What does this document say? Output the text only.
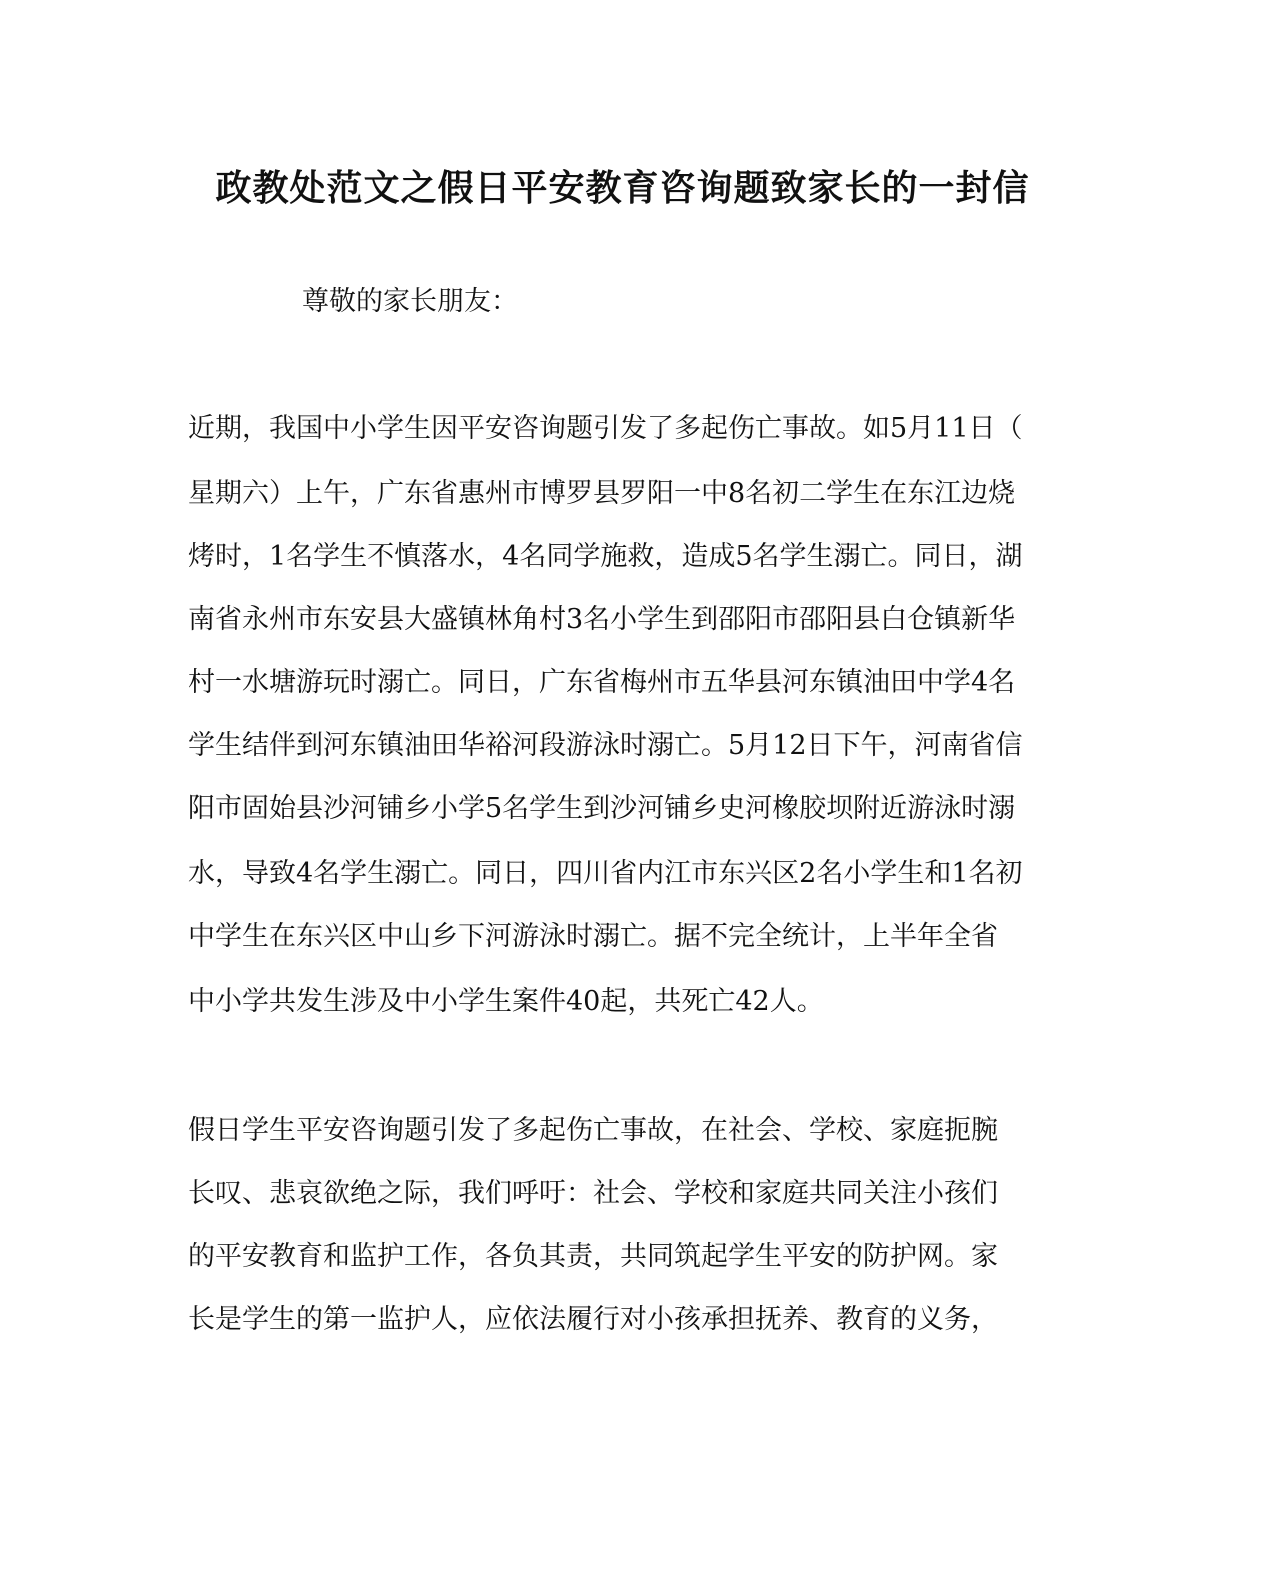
政教处范文之假日平安教育咨询题致家长的一封信
尊敬的家长朋友：
近期，我国中小学生因平安咨询题引发了多起伤亡事故。如5月11日（
星期六）上午，广东省惠州市博罗县罗阳一中8名初二学生在东江边烧
烤时，1名学生不慎落水，4名同学施救，造成5名学生溺亡。同日，湖
南省永州市东安县大盛镇林角村3名小学生到邵阳市邵阳县白仓镇新华
村一水塘游玩时溺亡。同日，广东省梅州市五华县河东镇油田中学4名
学生结伴到河东镇油田华裕河段游泳时溺亡。5月12日下午，河南省信
阳市固始县沙河铺乡小学5名学生到沙河铺乡史河橡胶坝附近游泳时溺
水，导致4名学生溺亡。同日，四川省内江市东兴区2名小学生和1名初
中学生在东兴区中山乡下河游泳时溺亡。据不完全统计，上半年全省
中小学共发生涉及中小学生案件40起，共死亡42人。
假日学生平安咨询题引发了多起伤亡事故，在社会、学校、家庭扼腕
长叹、悲哀欲绝之际，我们呼吁：社会、学校和家庭共同关注小孩们
的平安教育和监护工作，各负其责，共同筑起学生平安的防护网。家
长是学生的第一监护人，应依法履行对小孩承担抚养、教育的义务，
